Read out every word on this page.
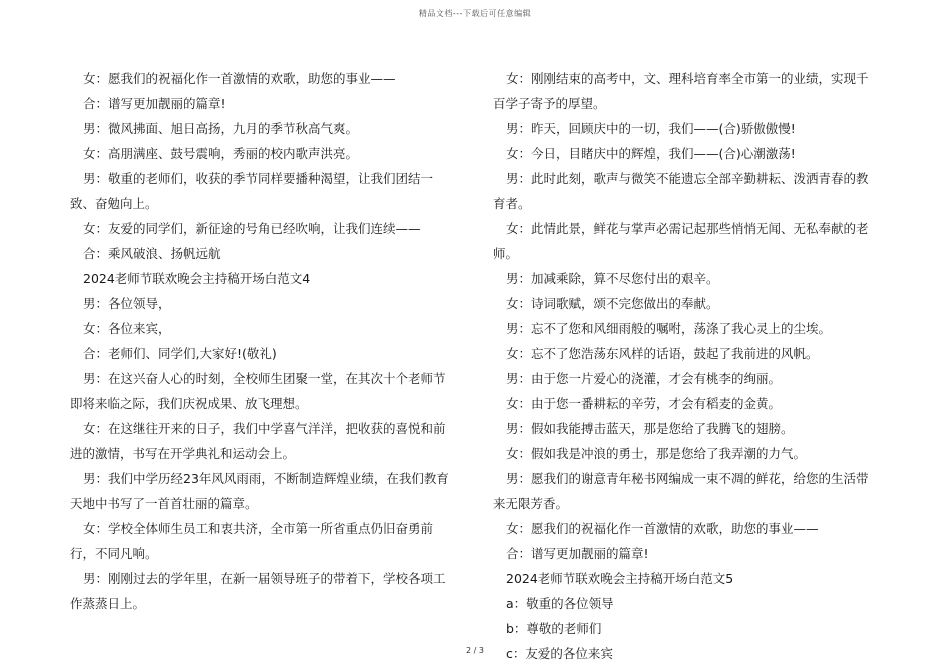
精品文档---下载后可任意编辑

女：愿我们的祝福化作一首激情的欢歌，助您的事业——

合：谱写更加靓丽的篇章!

男：微风拂面、旭日高扬，九月的季节秋高气爽。

女：高朋满座、鼓号震响，秀丽的校内歌声洪亮。

男：敬重的老师们，收获的季节同样要播种渴望，让我们团结一致、奋勉向上。

女：友爱的同学们，新征途的号角已经吹响，让我们连续——

合：乘风破浪、扬帆远航

2024老师节联欢晚会主持稿开场白范文4

男：各位领导，

女：各位来宾，

合：老师们、同学们,大家好!(敬礼)

男：在这兴奋人心的时刻，全校师生团聚一堂，在其次十个老师节即将来临之际，我们庆祝成果、放飞理想。

女：在这继往开来的日子，我们中学喜气洋洋，把收获的喜悦和前进的激情，书写在开学典礼和运动会上。

男：我们中学历经23年风风雨雨，不断制造辉煌业绩，在我们教育天地中书写了一首首壮丽的篇章。

女：学校全体师生员工和衷共济，全市第一所省重点仍旧奋勇前行，不同凡响。

男：刚刚过去的学年里，在新一届领导班子的带着下，学校各项工作蒸蒸日上。

女：刚刚结束的高考中，文、理科培育率全市第一的业绩，实现千百学子寄予的厚望。

男：昨天，回顾庆中的一切，我们——(合)骄傲傲慢!

女：今日，目睹庆中的辉煌，我们——(合)心潮激荡!

男：此时此刻，歌声与微笑不能遗忘全部辛勤耕耘、泼洒青春的教育者。

女：此情此景，鲜花与掌声必需记起那些悄悄无闻、无私奉献的老师。

男：加减乘除，算不尽您付出的艰辛。

女：诗词歌赋，颂不完您做出的奉献。

男：忘不了您和风细雨般的嘱咐，荡涤了我心灵上的尘埃。

女：忘不了您浩荡东风样的话语，鼓起了我前进的风帆。

男：由于您一片爱心的浇灌，才会有桃李的绚丽。

女：由于您一番耕耘的辛劳，才会有稻麦的金黄。

男：假如我能搏击蓝天，那是您给了我腾飞的翅膀。

女：假如我是冲浪的勇士，那是您给了我弄潮的力气。

男：愿我们的谢意青年秘书网编成一束不凋的鲜花，给您的生活带来无限芳香。

女：愿我们的祝福化作一首激情的欢歌，助您的事业——

合：谱写更加靓丽的篇章!

2024老师节联欢晚会主持稿开场白范文5

a：敬重的各位领导

b：尊敬的老师们

c：友爱的各位来宾

2 / 3
